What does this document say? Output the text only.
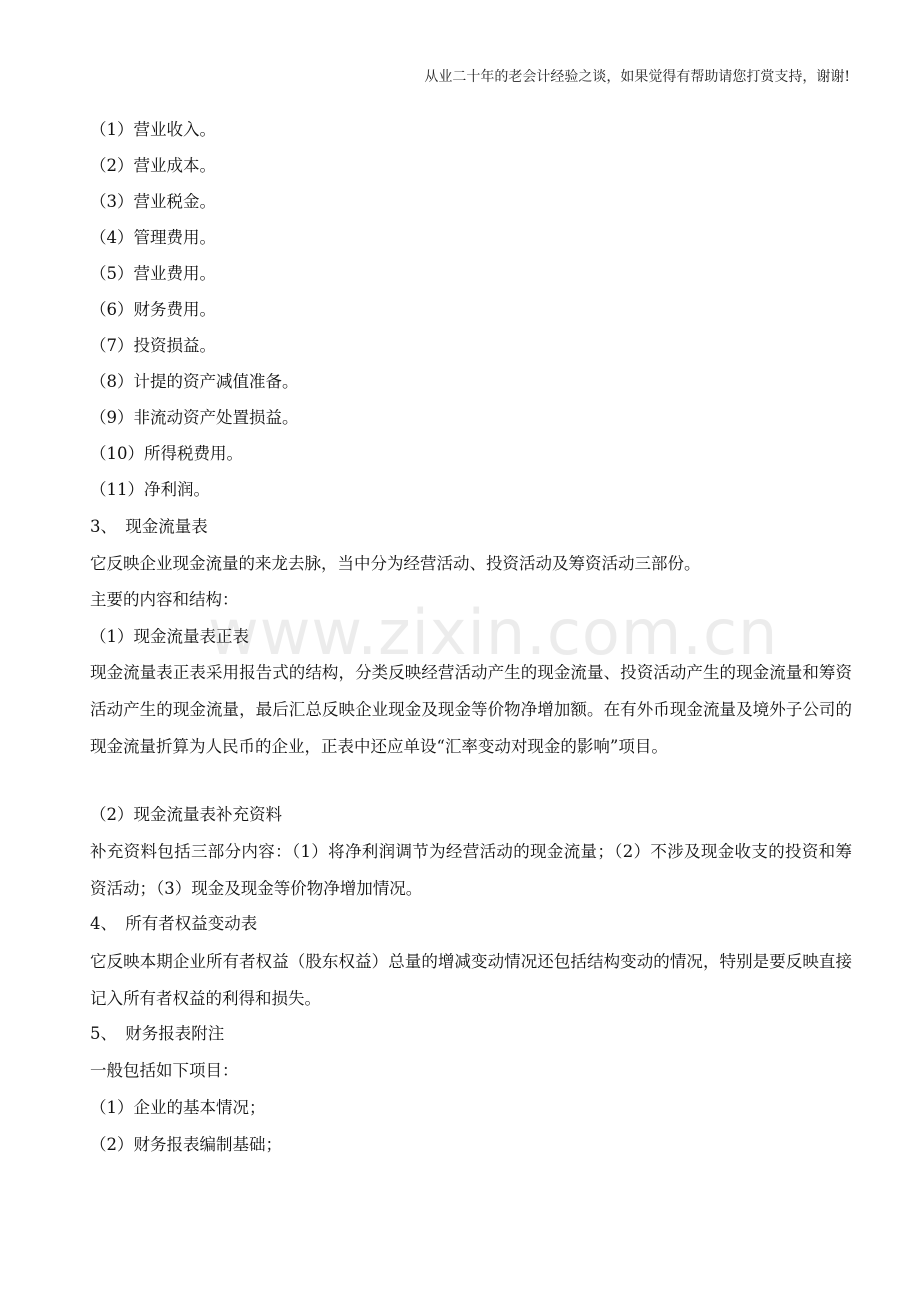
www.zixin.com.cn
从业二十年的老会计经验之谈，如果觉得有帮助请您打赏支持，谢谢!
（1）营业收入。
（2）营业成本。
（3）营业税金。
（4）管理费用。
（5）营业费用。
（6）财务费用。
（7）投资损益。
（8）计提的资产减值准备。
（9）非流动资产处置损益。
（10）所得税费用。
（11）净利润。
3、　现金流量表
它反映企业现金流量的来龙去脉，当中分为经营活动、投资活动及筹资活动三部份。
主要的内容和结构：
（1）现金流量表正表
现金流量表正表采用报告式的结构，分类反映经营活动产生的现金流量、投资活动产生的现金流量和筹资活动产生的现金流量，最后汇总反映企业现金及现金等价物净增加额。在有外币现金流量及境外子公司的现金流量折算为人民币的企业，正表中还应单设“汇率变动对现金的影响”项目。
（2）现金流量表补充资料
补充资料包括三部分内容：（1）将净利润调节为经营活动的现金流量；（2）不涉及现金收支的投资和筹资活动；（3）现金及现金等价物净增加情况。
4、　所有者权益变动表
它反映本期企业所有者权益（股东权益）总量的增减变动情况还包括结构变动的情况，特别是要反映直接记入所有者权益的利得和损失。
5、　财务报表附注
一般包括如下项目：
（1）企业的基本情况；
（2）财务报表编制基础；
